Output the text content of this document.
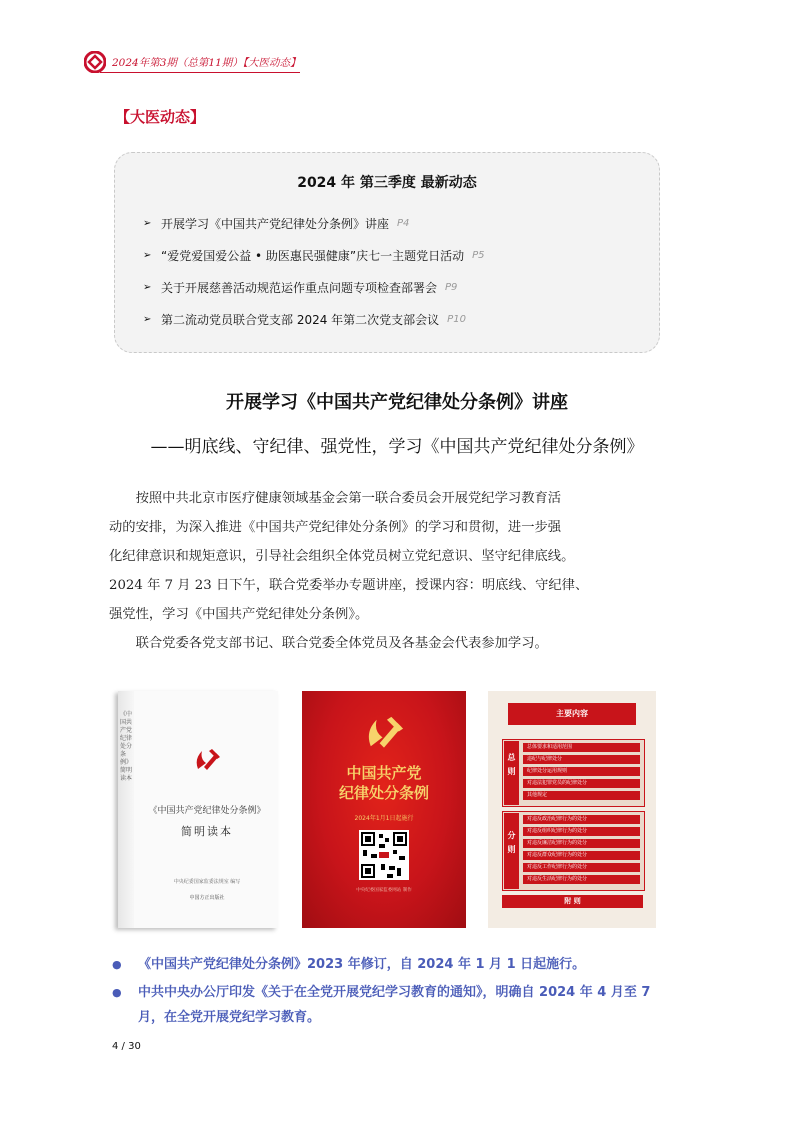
2024年第3期（总第11期）【大医动态】
【大医动态】
2024 年 第三季度 最新动态
➢ 开展学习《中国共产党纪律处分条例》讲座 P4
➢ “爱党爱国爱公益 • 助医惠民强健康”庆七一主题党日活动 P5
➢ 关于开展慈善活动规范运作重点问题专项检查部署会 P9
➢ 第二流动党员联合党支部 2024 年第二次党支部会议 P10
开展学习《中国共产党纪律处分条例》讲座
——明底线、守纪律、强党性，学习《中国共产党纪律处分条例》

按照中共北京市医疗健康领域基金会第一联合委员会开展党纪学习教育活

动的安排，为深入推进《中国共产党纪律处分条例》的学习和贯彻，进一步强

化纪律意识和规矩意识，引导社会组织全体党员树立党纪意识、坚守纪律底线。

2024 年 7 月 23 日下午，联合党委举办专题讲座，授课内容：明底线、守纪律、

强党性，学习《中国共产党纪律处分条例》。

联合党委各党支部书记、联合党委全体党员及各基金会代表参加学习。

《中国共产党纪律处分条例》简明读本
《中国共产党纪律处分条例》
简明读本
中央纪委国家监委法规室 编写
中国方正出版社
中国共产党
纪律处分条例
2024年1月1日起施行
中央纪委国家监委网站 制作
主要内容
总则
总体要求和适用范围
违纪与纪律处分
纪律处分运用规则
对违法犯罪党员的纪律处分
其他规定
分则
对违反政治纪律行为的处分
对违反组织纪律行为的处分
对违反廉洁纪律行为的处分
对违反群众纪律行为的处分
对违反工作纪律行为的处分
对违反生活纪律行为的处分
附 则
●	《中国共产党纪律处分条例》2023 年修订，自 2024 年 1 月 1 日起施行。
●	中共中央办公厅印发《关于在全党开展党纪学习教育的通知》，明确自 2024 年 4 月至 7 月，在全党开展党纪学习教育。
4 / 30
